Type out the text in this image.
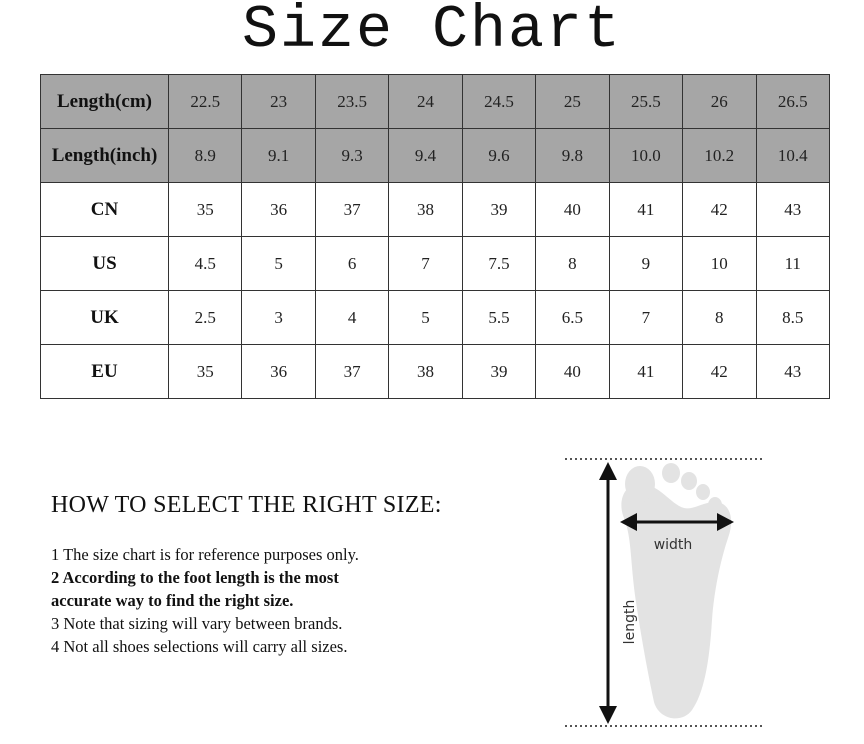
Size Chart
Length(cm)	22.5	23	23.5	24	24.5	25	25.5	26	26.5
Length(inch)	8.9	9.1	9.3	9.4	9.6	9.8	10.0	10.2	10.4
CN	35	36	37	38	39	40	41	42	43
US	4.5	5	6	7	7.5	8	9	10	11
UK	2.5	3	4	5	5.5	6.5	7	8	8.5
EU	35	36	37	38	39	40	41	42	43
HOW TO SELECT THE RIGHT SIZE:
1 The size chart is for reference purposes only.
2 According to the foot length is the most
accurate way to find the right size.
3 Note that sizing will vary between brands.
4 Not all shoes selections will carry all sizes.
width
length
